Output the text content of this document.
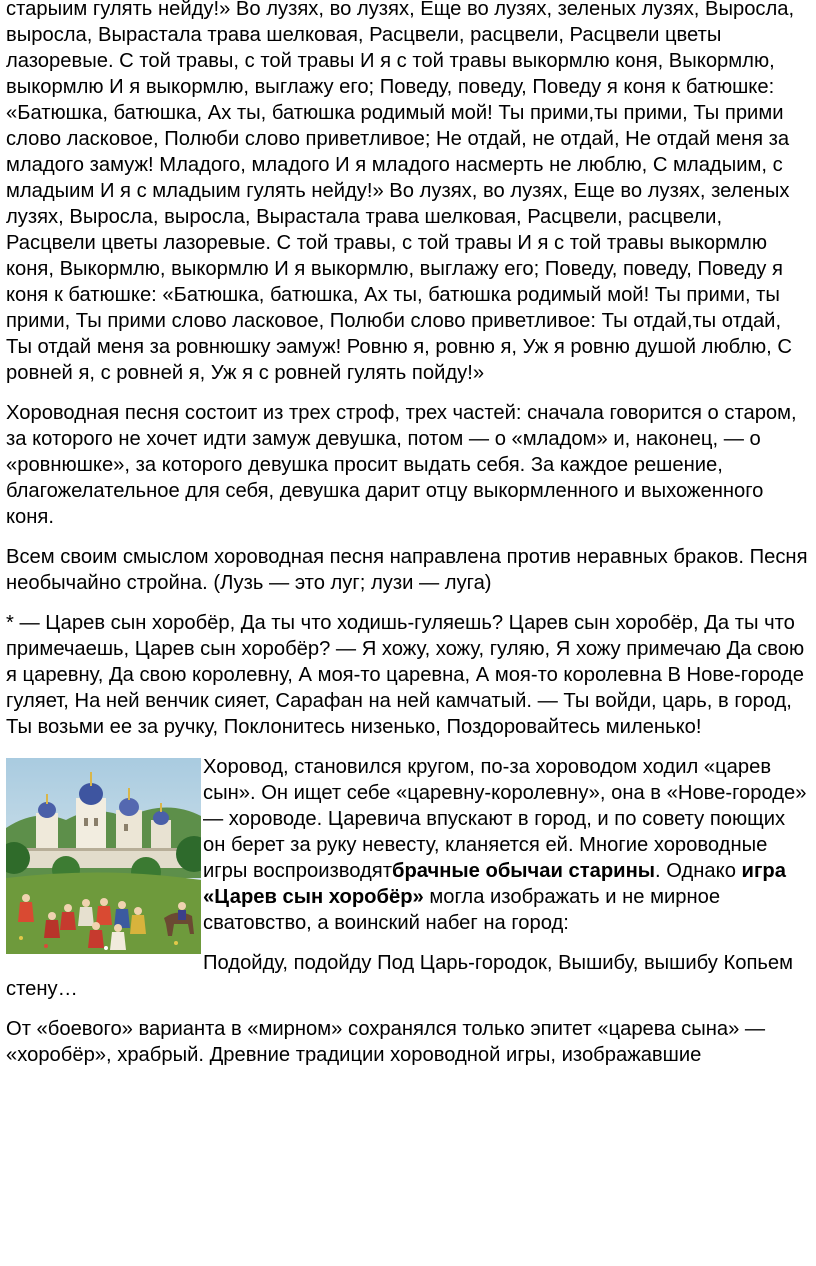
старыим гулять нейду!» Во лузях, во лузях, Еще во лузях, зеленых лузях, Выросла, выросла, Вырастала трава шелковая, Расцвели, расцвели, Расцвели цветы лазоревые. С той травы, с той травы И я с той травы выкормлю коня, Выкормлю, выкормлю И я выкормлю, выглажу его; Поведу, поведу, Поведу я коня к батюшке: «Батюшка, батюшка, Ах ты, батюшка родимый мой! Ты прими,ты прими, Ты прими слово ласковое, Полюби слово приветливое; Не отдай, не отдай, Не отдай меня за младого замуж! Младого, младого И я младого насмерть не люблю, С младыим, с младыим И я с младыим гулять нейду!» Во лузях, во лузях, Еще во лузях, зеленых лузях, Выросла, выросла, Вырастала трава шелковая, Расцвели, расцвели, Расцвели цветы лазоревые. С той травы, с той травы И я с той травы выкормлю коня, Выкормлю, выкормлю И я выкормлю, выглажу его; Поведу, поведу, Поведу я коня к батюшке: «Батюшка, батюшка, Ах ты, батюшка родимый мой! Ты прими, ты прими, Ты прими слово ласковое, Полюби слово приветливое: Ты отдай,ты отдай, Ты отдай меня за ровнюшку эамуж! Ровню я, ровню я, Уж я ровню душой люблю, С ровней я, с ровней я, Уж я с ровней гулять пойду!»

Хороводная песня состоит из трех строф, трех частей: сначала говорится о старом, за которого не хочет идти замуж девушка, потом — о «младом» и, наконец, — о «ровнюшке», за которого девушка просит выдать себя. За каждое решение, благожелательное для себя, девушка дарит отцу выкормленного и выхоженного коня.

Всем своим смыслом хороводная песня направлена против неравных браков. Песня необычайно стройна. (Лузь — это луг; лузи — луга)

* — Царев сын хоробёр, Да ты что ходишь-гуляешь? Царев сын хоробёр, Да ты что примечаешь, Царев сын хоробёр? — Я хожу, хожу, гуляю, Я хожу примечаю Да свою я царевну, Да свою королевну, А моя-то царевна, А моя-то королевна В Нове-городе гуляет, На ней венчик сияет, Сарафан на ней камчатый. — Ты войди, царь, в город, Ты возьми ее за ручку, Поклонитесь низенько, Поздоровайтесь миленько!

Хоровод, становился кругом, по-за хороводом ходил «царев сын». Он ищет себе «царевну-королевну», она в «Нове-городе» — хороводе. Царевича впускают в город, и по совету поющих он берет за руку невесту, кланяется ей. Многие хороводные игры воспроизводятбрачные обычаи старины. Однако игра «Царев сын хоробёр» могла изображать и не мирное сватовство, а воинский набег на город:

Подойду, подойду Под Царь-городок, Вышибу, вышибу Копьем стену…

От «боевого» варианта в «мирном» сохранялся только эпитет «царева сына» — «хоробёр», храбрый. Древние традиции хороводной игры, изображавшие
